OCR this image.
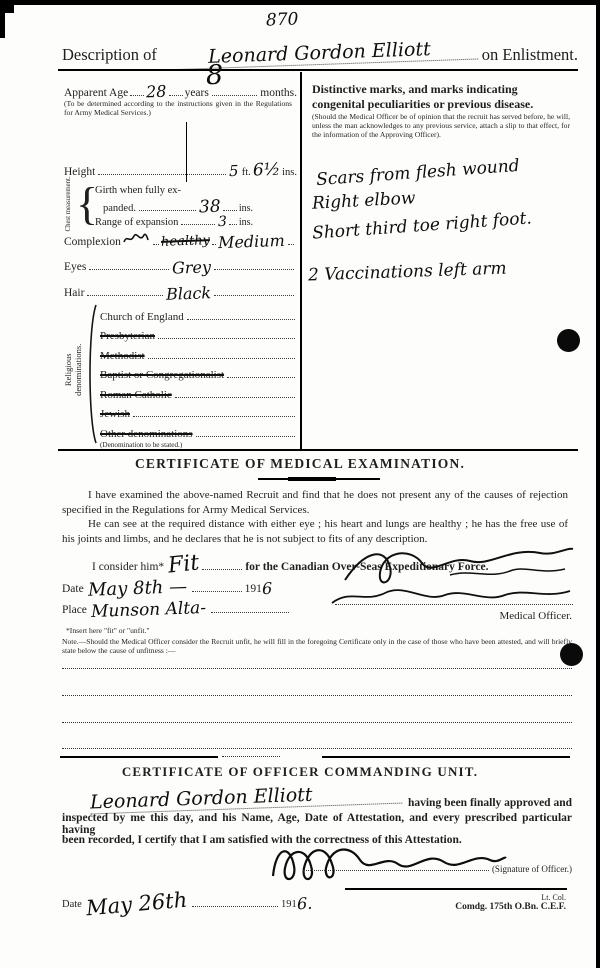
870
Description of	Leonard Gordon Elliott	on Enlistment.
Apparent Age 28 years	months.
8
(To be determined according to the instructions given in the Regulations for Army Medical Services.)
Height	5 ft. 6½ ins.
Chest measurement. {
Girth when fully ex-
panded.	38 ins.
Range of expansion	3 ins.
Complexion	healthy Medium
Eyes	Grey
Hair	Black
Religious denominations.
Church of England
Presbyterian
Methodist
Baptist or Congregationalist
Roman Catholic
Jewish
Other denominations
(Denomination to be stated.)
Distinctive marks, and marks indicating congenital peculiarities or previous disease.
(Should the Medical Officer be of opinion that the recruit has served before, he will, unless the man acknowledges to any previous service, attach a slip to that effect, for the information of the Approving Officer).
Scars from flesh wound
Right elbow
Short third toe right foot.
2 Vaccinations left arm
CERTIFICATE OF MEDICAL EXAMINATION.
I have examined the above-named Recruit and find that he does not present any of the causes of rejection specified in the Regulations for Army Medical Services.
He can see at the required distance with either eye ; his heart and lungs are healthy ; he has the free use of his joints and limbs, and he declares that he is not subject to fits of any description.
I consider him* Fit	for the Canadian Over-Seas Expeditionary Force.
Date May 8th —	191 6
Place Munson Alta-	Medical Officer.
*Insert here "fit" or "unfit."
Note.—Should the Medical Officer consider the Recruit unfit, he will fill in the foregoing Certificate only in the case of those who have been attested, and will briefly state below the cause of unfitness :—
CERTIFICATE OF OFFICER COMMANDING UNIT.
Leonard Gordon Elliott	having been finally approved and
inspected by me this day, and his Name, Age, Date of Attestation, and every prescribed particular having
been recorded, I certify that I am satisfied with the correctness of this Attestation.
(Signature of Officer.)
Date May 26th	191 6.	Lt. Col.
Comdg. 175th O.Bn. C.E.F.
